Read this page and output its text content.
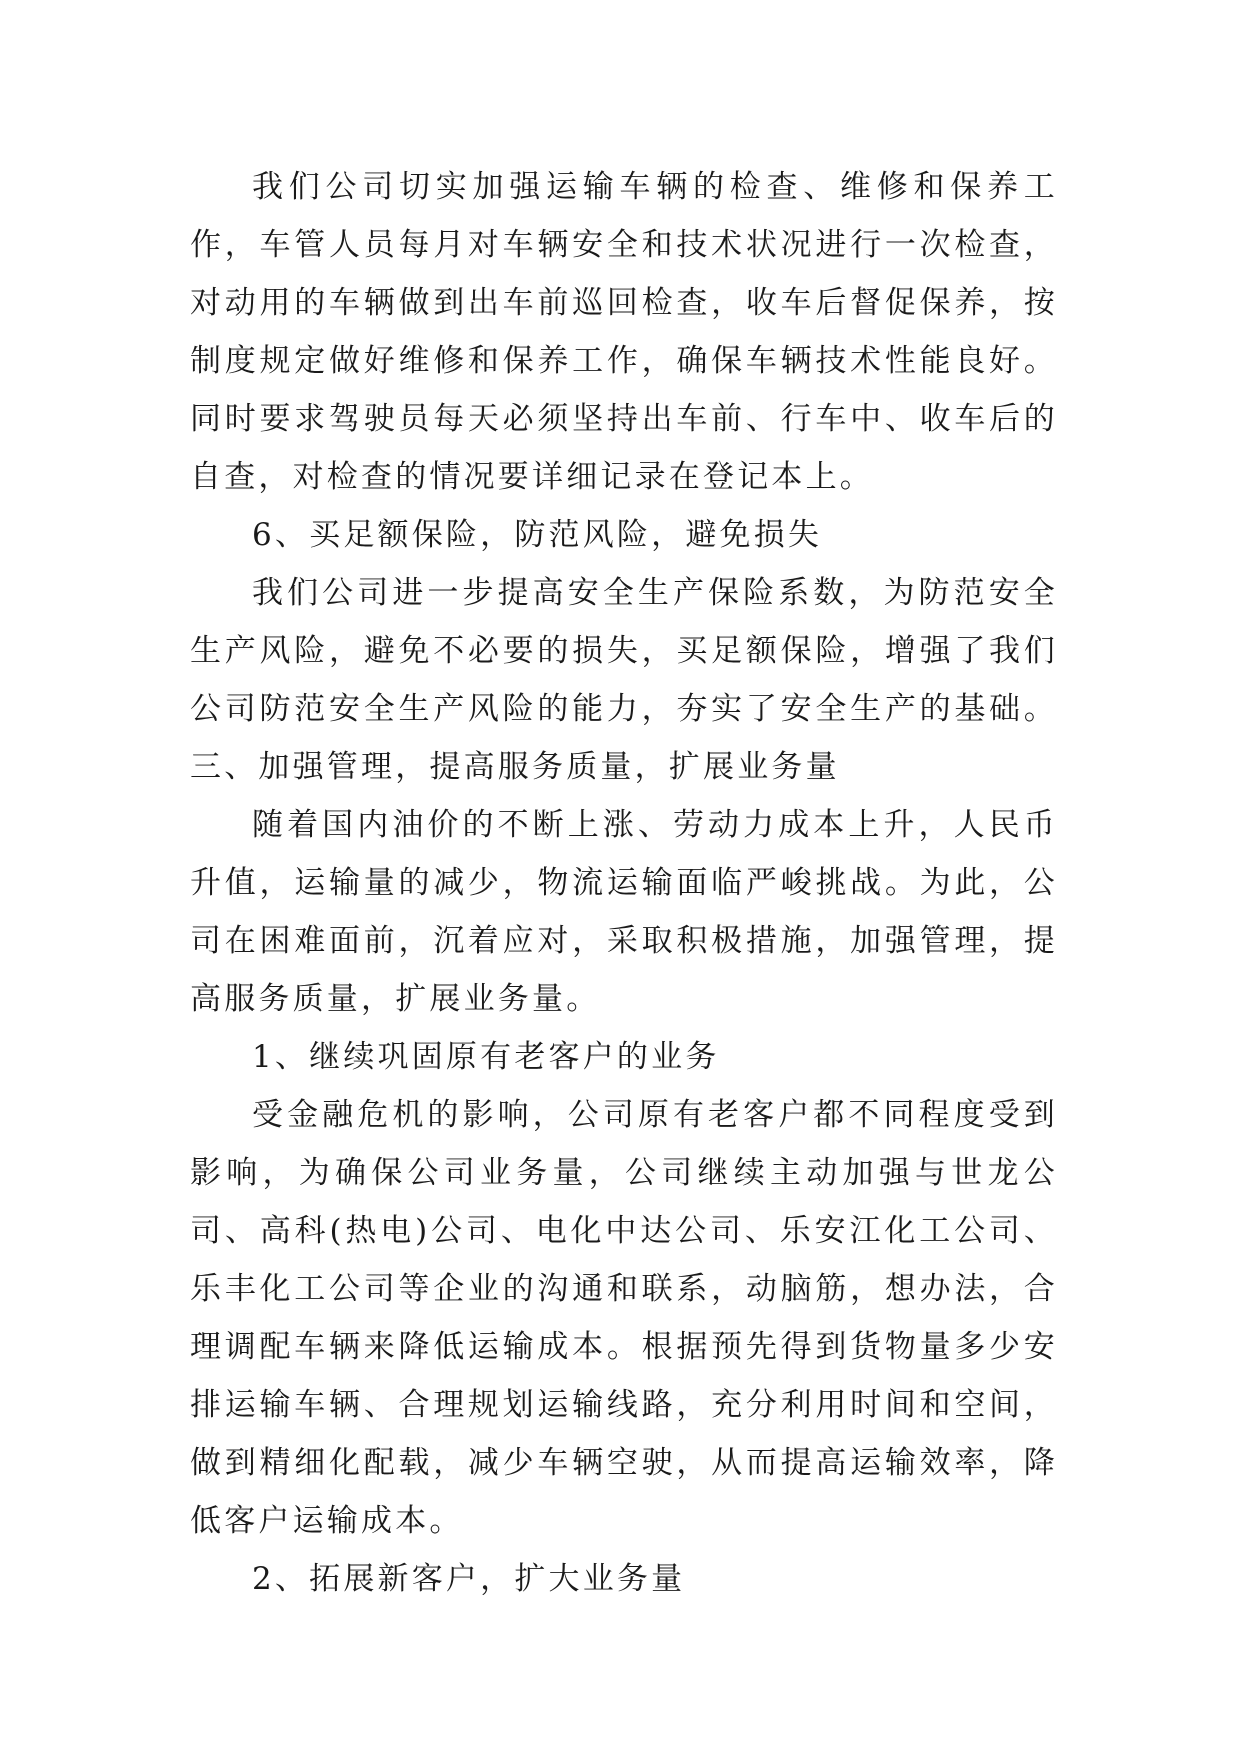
我们公司切实加强运输车辆的检查、维修和保养工作，车管人员每月对车辆安全和技术状况进行一次检查，对动用的车辆做到出车前巡回检查，收车后督促保养，按制度规定做好维修和保养工作，确保车辆技术性能良好。同时要求驾驶员每天必须坚持出车前、行车中、收车后的自查，对检查的情况要详细记录在登记本上。

6、买足额保险，防范风险，避免损失

我们公司进一步提高安全生产保险系数，为防范安全生产风险，避免不必要的损失，买足额保险，增强了我们公司防范安全生产风险的能力，夯实了安全生产的基础。 三、加强管理，提高服务质量，扩展业务量

随着国内油价的不断上涨、劳动力成本上升，人民币升值，运输量的减少，物流运输面临严峻挑战。为此，公司在困难面前，沉着应对，采取积极措施，加强管理，提高服务质量，扩展业务量。

1、继续巩固原有老客户的业务

受金融危机的影响，公司原有老客户都不同程度受到影响，为确保公司业务量，公司继续主动加强与世龙公司、高科(热电)公司、电化中达公司、乐安江化工公司、乐丰化工公司等企业的沟通和联系，动脑筋，想办法，合理调配车辆来降低运输成本。根据预先得到货物量多少安排运输车辆、合理规划运输线路，充分利用时间和空间，做到精细化配载，减少车辆空驶，从而提高运输效率，降低客户运输成本。

2、拓展新客户，扩大业务量
